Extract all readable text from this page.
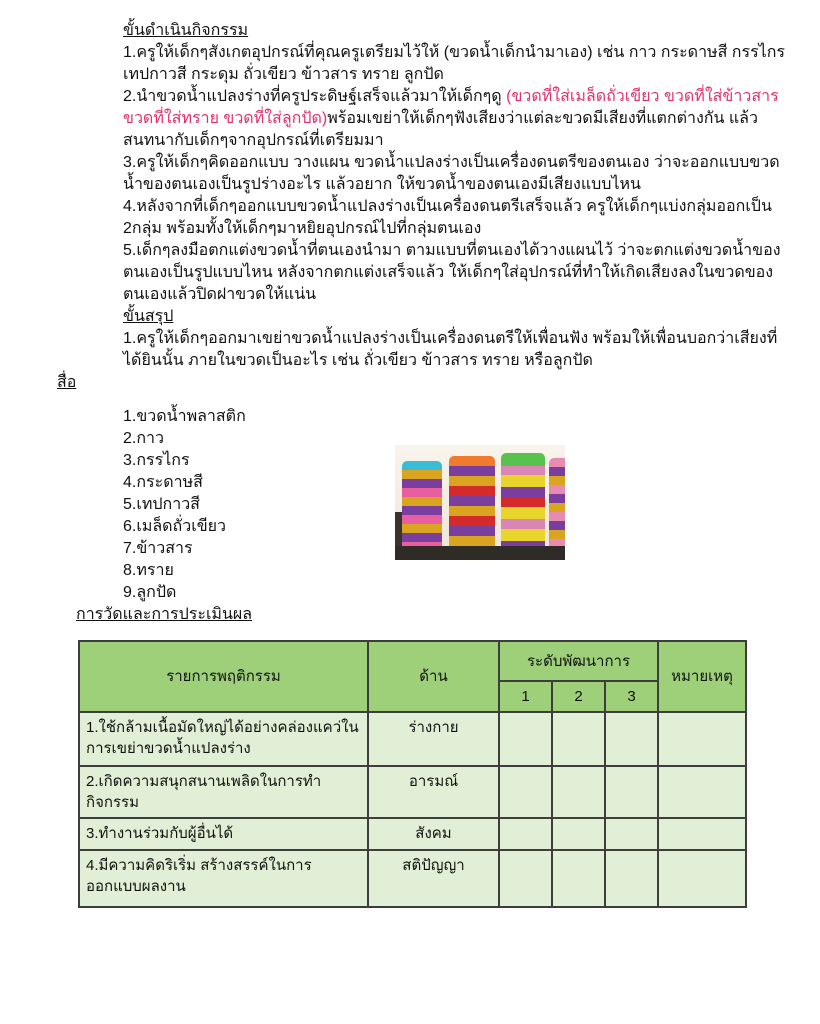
ขั้นดำเนินกิจกรรม

1.ครูให้เด็กๆสังเกตอุปกรณ์ที่คุณครูเตรียมไว้ให้ (ขวดน้ำเด็กนำมาเอง) เช่น กาว กระดาษสี กรรไกร เทปกาวสี กระดุม ถั่วเขียว ข้าวสาร ทราย ลูกปัด

2.นำขวดน้ำแปลงร่างที่ครูประดิษฐ์เสร็จแล้วมาให้เด็กๆดู (ขวดที่ใส่เมล็ดถั่วเขียว ขวดที่ใส่ข้าวสาร ขวดที่ใส่ทราย ขวดที่ใส่ลูกปัด)พร้อมเขย่าให้เด็กๆฟังเสียงว่าแต่ละขวดมีเสียงที่แตกต่างกัน แล้วสนทนากับเด็กๆจากอุปกรณ์ที่เตรียมมา

3.ครูให้เด็กๆคิดออกแบบ วางแผน ขวดน้ำแปลงร่างเป็นเครื่องดนตรีของตนเอง ว่าจะออกแบบขวดน้ำของตนเองเป็นรูปร่างอะไร แล้วอยาก ให้ขวดน้ำของตนเองมีเสียงแบบไหน

4.หลังจากที่เด็กๆออกแบบขวดน้ำแปลงร่างเป็นเครื่องดนตรีเสร็จแล้ว ครูให้เด็กๆแบ่งกลุ่มออกเป็น 2กลุ่ม พร้อมทั้งให้เด็กๆมาหยิยอุปกรณ์ไปที่กลุ่มตนเอง

5.เด็กๆลงมือตกแต่งขวดน้ำที่ตนเองนำมา ตามแบบที่ตนเองได้วางแผนไว้ ว่าจะตกแต่งขวดน้ำของตนเองเป็นรูปแบบไหน หลังจากตกแต่งเสร็จแล้ว ให้เด็กๆใส่อุปกรณ์ที่ทำให้เกิดเสียงลงในขวดของตนเองแล้วปิดฝาขวดให้แน่น

ขั้นสรุป

1.ครูให้เด็กๆออกมาเขย่าขวดน้ำแปลงร่างเป็นเครื่องดนตรีให้เพื่อนฟัง พร้อมให้เพื่อนบอกว่าเสียงที่ได้ยินนั้น ภายในขวดเป็นอะไร เช่น ถั่วเขียว ข้าวสาร ทราย หรือลูกปัด

สื่อ
1.ขวดน้ำพลาสติก
2.กาว
3.กรรไกร
4.กระดาษสี
5.เทปกาวสี
6.เมล็ดถั่วเขียว
7.ข้าวสาร
8.ทราย
9.ลูกปัด
การวัดและการประเมินผล
รายการพฤติกรรม	ด้าน	ระดับพัฒนาการ			หมายเหตุ
		1	2	3	
1.ใช้กล้ามเนื้อมัดใหญ่ได้อย่างคล่องแคว่ในการเขย่าขวดน้ำแปลงร่าง	ร่างกาย				
2.เกิดความสนุกสนานเพลิดในการทำกิจกรรม	อารมณ์				
3.ทำงานร่วมกับผู้อื่นได้	สังคม				
4.มีความคิดริเริ่ม สร้างสรรค์ในการออกแบบผลงาน	สติปัญญา				
